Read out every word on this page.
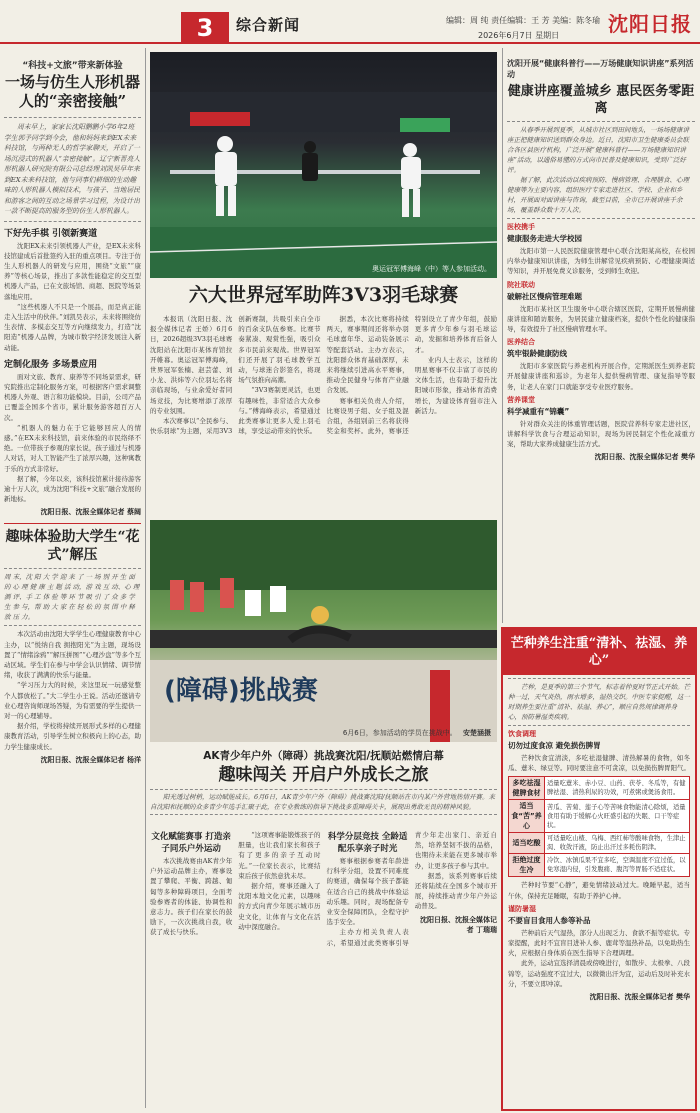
3	综合新闻	编辑：周 纯 责任编辑：王 芳 美编：陈冬瑜
2026年6月7日 星期日 沈阳日报
“科技+文旅”带来新体验
一场与仿生人形机器人的“亲密接触”

周末早上，家家长沈阳鹏鹏小学6年2班学生郭予同学到今会，他和妈妈来到EX未来科技馆，与两种无人的哲学家聊天，开启了一场沉浸式的机器人“亲密接触”。辽宁新晋亮人形机器人研究院有限公司总经理刘凯昊早年来到EX未来科技馆，他与同事们耕细的生动趣味的人形机器人模拟技术，与孩子、当地居民和游客之间的互动之场景学习过程，为设计出一款不断提高的服务型的仿生人形机器人。

下好先手棋 引领新赛道

沈阳EX未来引领机器人产业，是EX未来科技馆建成后首批签约入驻的重点项目。专注于仿生人形机器人的研发与应用，围绕“文旅”“康养”等核心场景，推出了多款性能稳定的交互型机器人产品，已在文旅场馆、商超、医院等场景落地应用。

“这些机器人不只是一个展品，而是真正能走入生活中的伙伴。”刘凯昊表示，未来将围绕仿生表情、多模态交互等方向继续发力，打造“沈阳造”机器人品牌，为城市数字经济发展注入新动能。

定制化服务 多场景应用

面对文旅、教育、康养等不同场景需求，研究院推出定制化服务方案，可根据客户需求调整机器人外观、语言和功能模块。目前，公司产品已覆盖全国多个省市，累计服务游客超百万人次。

“机器人的魅力在于它能够回应人的情感。”在EX未来科技馆，前来体验的市民络绎不绝。一位带孩子参观的家长说，孩子通过与机器人对话，对人工智能产生了浓厚兴趣，这种寓教于乐的方式非常好。

据了解，今年以来，该科技馆累计接待游客逾十万人次，成为沈阳“科技+文旅”融合发展的新地标。

沈阳日报、沈报全媒体记者 蔡阔
趣味体验助大学生“花式”解压

周 末，沈 阳 大 学 迎 来 了 一 场 别 开 生 面 的 心 理 健 康 主 题 活 动，游 戏 互 动、心 理 测 评、手 工 体 验 等 环 节 吸 引 了 众 多 学 生 参 与，帮 助 大 家 在 轻 松 的 氛 围 中 释 放 压 力。

本次活动由沈阳大学学生心理健康教育中心主办，以“悦纳自我 拥抱阳光”为主题，现场设置了“情绪涂鸦”“解压拼图”“心理沙盘”等多个互动区域。学生们在参与中学会认识情绪、调节情绪，收获了满满的快乐与能量。

“学习压力大的时候，来这里玩一玩感觉整个人都放松了。”大二学生小王说。活动还邀请专业心理咨询师现场答疑，为有需要的学生提供一对一的心理辅导。

据介绍，学校将持续开展形式多样的心理健康教育活动，引导学生树立积极向上的心态，助力学生健康成长。

沈阳日报、沈报全媒体记者 杨洋
奥运冠军傅海峰（中）等人参加活动。
六大世界冠军助阵3V3羽毛球赛

本报讯（沈阳日报、沈报全媒体记者 王娇）6月6日，2026超级3V3羽毛球赛沈阳站在沈阳市某体育馆拉开帷幕。奥运冠军傅海峰，世界冠军张楠、赵芸蕾、刘小龙、洪炜等六位羽坛名将亲临现场，与业余爱好者同场竞技，为比赛增添了浓厚的专业氛围。

本次赛事以“全民参与、快乐羽球”为主题，采用3V3创新赛制，共吸引来自全市的百余支队伍参赛。比赛节奏紧凑、观赏性强，吸引众多市民前来观战。世界冠军们还开展了羽毛球教学互动，与球迷合影签名，将现场气氛推向高潮。

“3V3赛制更灵活，也更有趣味性，非常适合大众参与。”傅海峰表示，希望通过此类赛事让更多人爱上羽毛球，享受运动带来的快乐。

据悉，本次比赛将持续两天，赛事期间还将举办羽毛球嘉年华、运动装备展示等配套活动。主办方表示，沈阳群众体育基础深厚，未来将继续引进高水平赛事，推动全民健身与体育产业融合发展。

赛事相关负责人介绍，比赛设男子组、女子组及混合组，各组别前三名将获得奖金和奖杯。此外，赛事还特别设立了青少年组，鼓励更多青少年参与羽毛球运动，发掘和培养体育后备人才。

业内人士表示，这样的明星赛事不仅丰富了市民的文体生活，也有助于提升沈阳城市形象，推动体育消费增长，为建设体育强市注入新活力。

(障碍)挑战赛
6月6日，参加活动的学员在挑战中。 安楚涵摄
AK青少年户外（障碍）挑战赛沈阳/抚顺站燃情启幕
趣味闯关 开启户外成长之旅

阳光透过树梢，运动赋能成长。6月6日，AK青少年户外（障碍）挑战赛沈阳/抚顺站在市内某户外营地热情开赛。来自沈阳和抚顺的众多青少年选手汇聚于此，在专业教练的指导下挑战多重障碍关卡，展现出勇敢无畏的精神风貌。

文化赋能赛事 打造亲子同乐户外运动

本次挑战赛由AK青少年户外运动品牌主办，赛事设置了攀爬、平衡、跨越、匍匐等多种障碍项目，全面考验参赛者的体能、协调性和意志力。孩子们在家长的鼓励下，一次次挑战自我，收获了成长与快乐。

“这项赛事能锻炼孩子的胆量，也让我们家长和孩子有了更多的亲子互动时光。”一位家长表示，比赛结束后孩子依然意犹未尽。

据介绍，赛事还融入了沈阳本地文化元素，以趣味的方式向青少年展示城市历史文化，让体育与文化在活动中深度融合。

科学分层竞技 全龄适配乐享亲子时光

赛事根据参赛者年龄进行科学分组，设置不同难度的赛道，确保每个孩子都能在适合自己的挑战中体验运动乐趣。同时，现场配备专业安全保障团队，全程守护选手安全。

主办方相关负责人表示，希望通过此类赛事引导青少年走出家门、亲近自然，培养坚韧不拔的品格，也期待未来能在更多城市举办，让更多孩子参与其中。

据悉，该系列赛事后续还将陆续在全国多个城市开展，持续推动青少年户外运动普及。

沈阳日报、沈报全媒体记者 丁瑞瑞
沈阳开展“健康科普行——万场健康知识讲座”系列活动
健康讲座覆盖城乡 惠民医务零距离

从春季开展到夏季，从城市社区到田间地头，一场场健康讲座正把健康知识送到群众身边。近日，沈阳市卫生健康委员会联合各区县医疗机构，广泛开展“健康科普行——万场健康知识讲座”活动，以通俗易懂的方式向市民普及健康知识，受到广泛好评。

据了解，此次活动以疾病预防、慢病管理、合理膳食、心理健康等为主要内容，组织医疗专家走进社区、学校、企业和乡村，开展面对面讲座与咨询，截至目前，全市已开展讲座千余场，覆盖群众数十万人次。

医校携手
健康服务走进大学校园

沈阳市第一人民医院健康管理中心联合沈阳某高校，在校园内举办健康知识讲座，为师生讲解常见疾病预防、心理健康调适等知识，并开展免费义诊服务，受到师生欢迎。

院社联动
破解社区慢病管理难题

沈阳市某社区卫生服务中心联合辖区医院，定期开展慢病健康讲座和随访服务，为居民建立健康档案，提供个性化的健康指导，有效提升了社区慢病管理水平。

医养结合
筑牢银龄健康防线

沈阳市多家医院与养老机构开展合作，定期派医生到养老院开展健康讲座和巡诊，为老年人提供慢病管理、康复指导等服务，让老人在家门口就能享受专业医疗服务。

营养课堂
科学减重有“锦囊”

针对群众关注的体重管理话题，医院营养科专家走进社区，讲解科学饮食与合理运动知识，现场为居民制定个性化减重方案，帮助大家养成健康生活方式。

沈阳日报、沈报全媒体记者 樊华
芒种养生注重“清补、祛湿、养心”

芒种，是夏季的第三个节气，标志着仲夏时节正式开始。芒种一过，天气炎热，雨水增多，湿热交织。中医专家提醒，这一时期养生要注重“清补、祛湿、养心”，顺应自然规律调养身心，预防暑湿类疾病。

饮食调理
切勿过度食凉 避免损伤脾胃

芒种饮食宜清淡，多吃祛湿健脾、清热解暑的食物，如冬瓜、薏米、绿豆等。同时要注意不可贪凉，以免损伤脾胃阳气。

多吃祛湿健脾食材	适量吃薏米、赤小豆、山药、茯苓、冬瓜等，有健脾祛湿、清热利尿的功效，可煮粥或煲汤食用。
适当食“苦”养心	苦瓜、苦菊、莲子心等苦味食物能清心除烦，适量食用有助于缓解心火旺盛引起的失眠、口干等症状。
适当吃酸	可适量吃山楂、乌梅、西红柿等酸味食物，生津止渴、收敛汗液，防止出汗过多耗伤阴津。
拒绝过度生冷	冷饮、冰镇瓜果不宜多吃，空调温度不宜过低，以免寒湿内侵，引发腹痛、腹泻等胃肠不适症状。

芒种时节要“心静”，避免情绪波动过大。晚睡早起，适当午休，保持充足睡眠，有助于养护心神。

谨防暑湿
不要盲目食用人参等补品

芒种前后天气湿热，部分人出现乏力、食欲不振等症状。专家提醒，此时不宜盲目进补人参、鹿茸等温热补品，以免助热生火，应根据自身体质在医生指导下合理调理。

此外，运动宜选择清晨或傍晚进行，如散步、太极拳、八段锦等，运动强度不宜过大，以微微出汗为宜，运动后及时补充水分，不要立即冲凉。

沈阳日报、沈报全媒体记者 樊华
